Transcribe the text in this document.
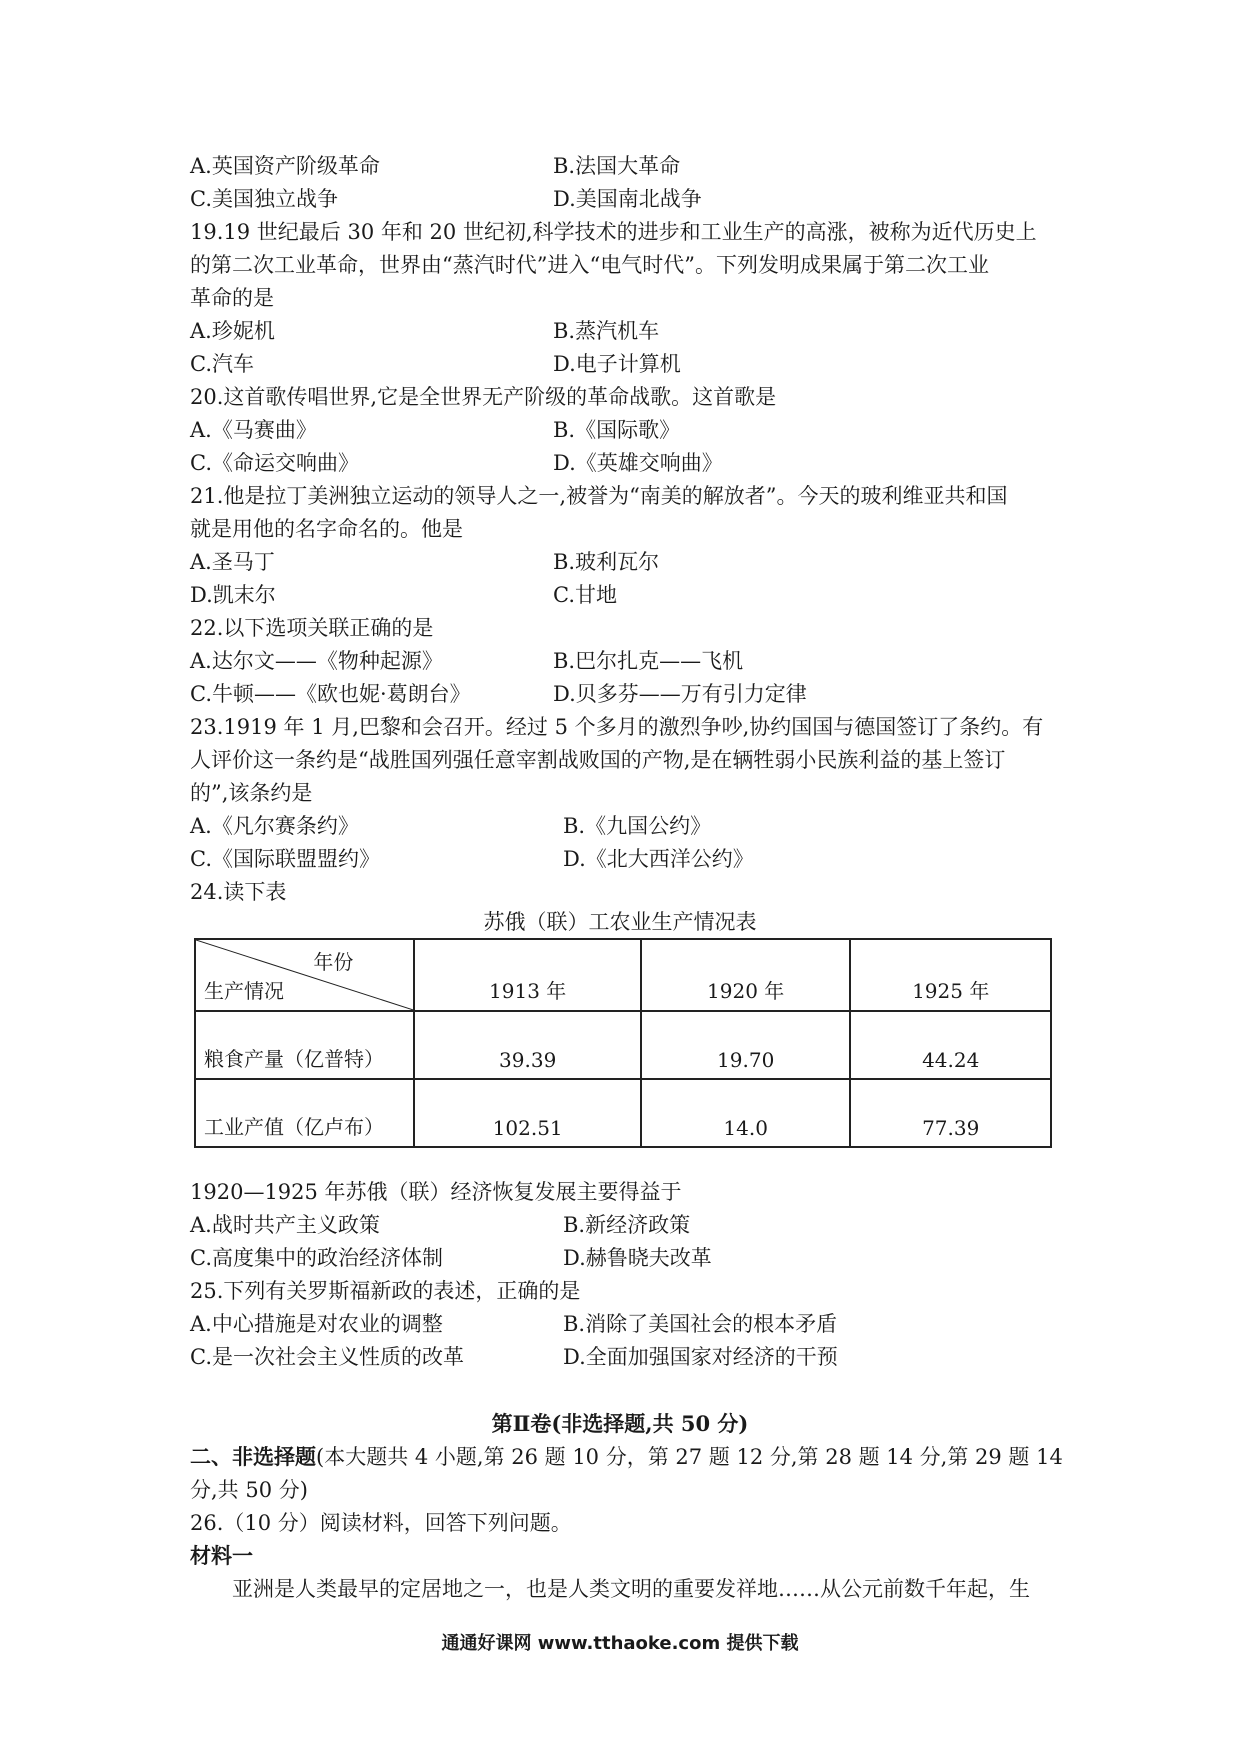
A.英国资产阶级革命	B.法国大革命
C.美国独立战争	D.美国南北战争
19.19 世纪最后 30 年和 20 世纪初,科学技术的进步和工业生产的高涨，被称为近代历史上
的第二次工业革命，世界由“蒸汽时代”进入“电气时代”。下列发明成果属于第二次工业
革命的是
A.珍妮机	B.蒸汽机车
C.汽车	D.电子计算机
20.这首歌传唱世界,它是全世界无产阶级的革命战歌。这首歌是
A.《马赛曲》	B.《国际歌》
C.《命运交响曲》	D.《英雄交响曲》
21.他是拉丁美洲独立运动的领导人之一,被誉为“南美的解放者”。今天的玻利维亚共和国
就是用他的名字命名的。他是
A.圣马丁	B.玻利瓦尔
D.凯末尔	C.甘地
22.以下选项关联正确的是
A.达尔文——《物种起源》	B.巴尔扎克——飞机
C.牛顿——《欧也妮·葛朗台》	D.贝多芬——万有引力定律
23.1919 年 1 月,巴黎和会召开。经过 5 个多月的激烈争吵,协约国国与德国签订了条约。有
人评价这一条约是“战胜国列强任意宰割战败国的产物,是在辆牲弱小民族利益的基上签订
的”,该条约是
A.《凡尔赛条约》	B.《九国公约》
C.《国际联盟盟约》	D.《北大西洋公约》
24.读下表
苏俄（联）工农业生产情况表
年份
生产情况	1913 年	1920 年	1925 年
粮食产量（亿普特）	39.39	19.70	44.24
工业产值（亿卢布）	102.51	14.0	77.39
1920—1925 年苏俄（联）经济恢复发展主要得益于
A.战时共产主义政策	B.新经济政策
C.高度集中的政治经济体制	D.赫鲁晓夫改革
25.下列有关罗斯福新政的表述，正确的是
A.中心措施是对农业的调整	B.消除了美国社会的根本矛盾
C.是一次社会主义性质的改革	D.全面加强国家对经济的干预
第Ⅱ卷(非选择题,共 50 分)
二、非选择题(本大题共 4 小题,第 26 题 10 分，第 27 题 12 分,第 28 题 14 分,第 29 题 14
分,共 50 分)
26.（10 分）阅读材料，回答下列问题。
材料一
亚洲是人类最早的定居地之一，也是人类文明的重要发祥地……从公元前数千年起，生
通通好课网 www.tthaoke.com 提供下载
